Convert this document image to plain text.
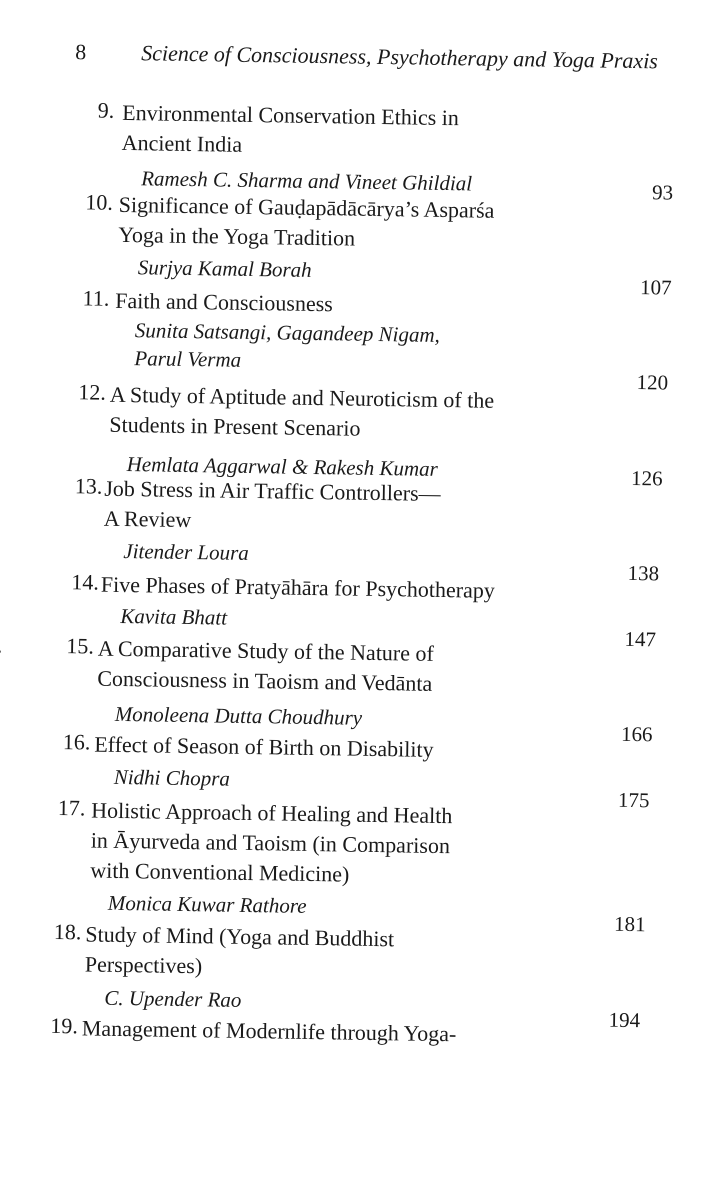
8 Science of Consciousness, Psychotherapy and Yoga Praxis
9. Environmental Conservation Ethics in
Ancient India
Ramesh C. Sharma and Vineet Ghildial	93
10. Significance of Gauḍapādācārya’s Asparśa
Yoga in the Yoga Tradition
Surjya Kamal Borah
107
11. Faith and Consciousness
Sunita Satsangi, Gagandeep Nigam,
Parul Verma
120
12. A Study of Aptitude and Neuroticism of the
Students in Present Scenario
Hemlata Aggarwal & Rakesh Kumar	126
13. Job Stress in Air Traffic Controllers—
A Review
Jitender Loura
138
14. Five Phases of Pratyāhāra for Psychotherapy
Kavita Bhatt
147
15. A Comparative Study of the Nature of
Consciousness in Taoism and Vedānta
Monoleena Dutta Choudhury
166
16. Effect of Season of Birth on Disability
Nidhi Chopra
175
17. Holistic Approach of Healing and Health
in Āyurveda and Taoism (in Comparison
with Conventional Medicine)
Monica Kuwar Rathore
181
18. Study of Mind (Yoga and Buddhist
Perspectives)
C. Upender Rao
194
19. Management of Modernlife through Yoga-
